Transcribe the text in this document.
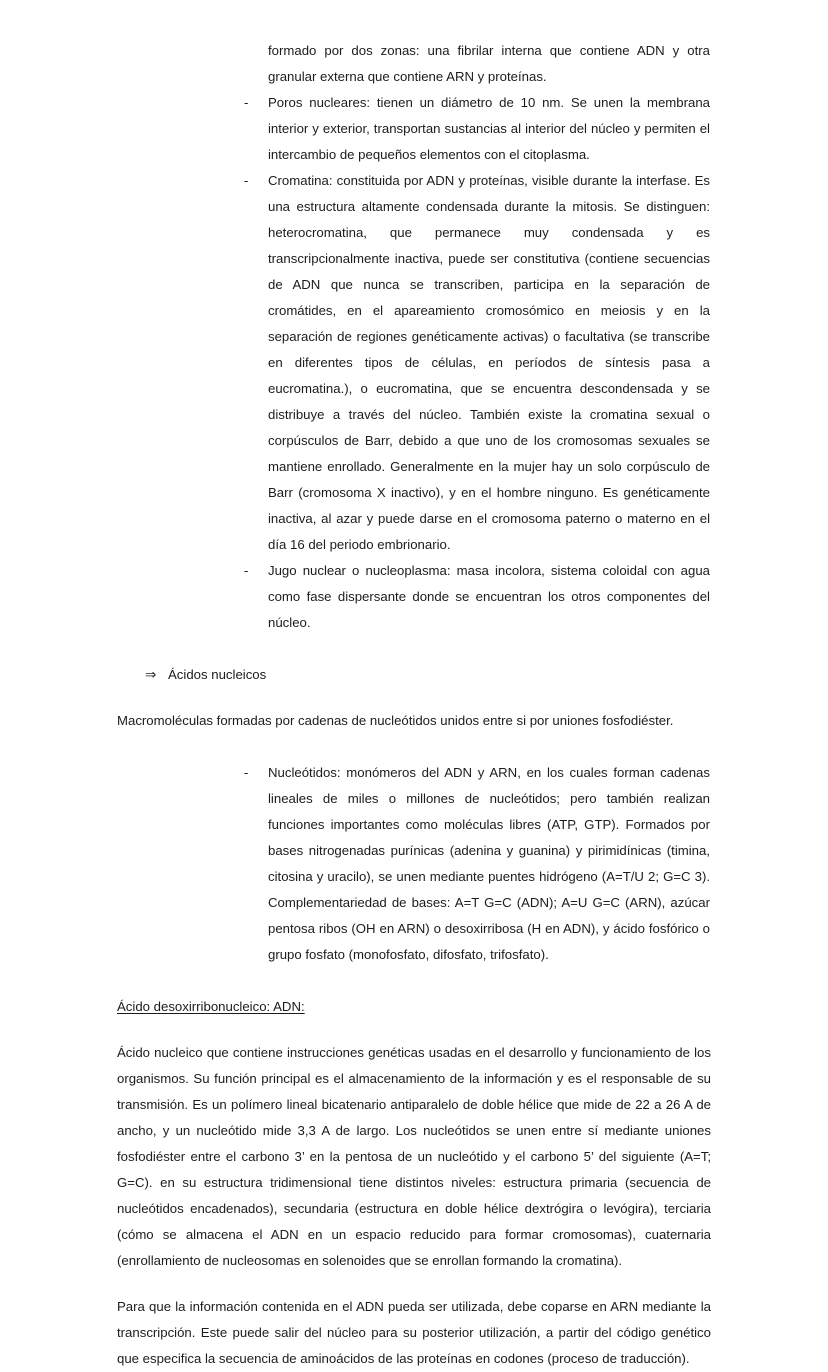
formado por dos zonas: una fibrilar interna que contiene ADN y otra granular externa que contiene ARN y proteínas.
-	Poros nucleares: tienen un diámetro de 10 nm. Se unen la membrana interior y exterior, transportan sustancias al interior del núcleo y permiten el intercambio de pequeños elementos con el citoplasma.
-	Cromatina: constituida por ADN y proteínas, visible durante la interfase. Es una estructura altamente condensada durante la mitosis. Se distinguen: heterocromatina, que permanece muy condensada y es transcripcionalmente inactiva, puede ser constitutiva (contiene secuencias de ADN que nunca se transcriben, participa en la separación de cromátides, en el apareamiento cromosómico en meiosis y en la separación de regiones genéticamente activas) o facultativa (se transcribe en diferentes tipos de células, en períodos de síntesis pasa a eucromatina.), o eucromatina, que se encuentra descondensada y se distribuye a través del núcleo. También existe la cromatina sexual o corpúsculos de Barr, debido a que uno de los cromosomas sexuales se mantiene enrollado. Generalmente en la mujer hay un solo corpúsculo de Barr (cromosoma X inactivo), y en el hombre ninguno. Es genéticamente inactiva, al azar y puede darse en el cromosoma paterno o materno en el día 16 del periodo embrionario.
-	Jugo nuclear o nucleoplasma: masa incolora, sistema coloidal con agua como fase dispersante donde se encuentran los otros componentes del núcleo.
⇒ Ácidos nucleicos
Macromoléculas formadas por cadenas de nucleótidos unidos entre si por uniones fosfodiéster.
-	Nucleótidos: monómeros del ADN y ARN, en los cuales forman cadenas lineales de miles o millones de nucleótidos; pero también realizan funciones importantes como moléculas libres (ATP, GTP). Formados por bases nitrogenadas purínicas (adenina y guanina) y pirimidínicas (timina, citosina y uracilo), se unen mediante puentes hidrógeno (A=T/U 2; G=C 3). Complementariedad de bases: A=T G=C (ADN); A=U G=C (ARN), azúcar pentosa ribos (OH en ARN) o desoxirribosa (H en ADN), y ácido fosfórico o grupo fosfato (monofosfato, difosfato, trifosfato).
Ácido desoxirribonucleico: ADN:
Ácido nucleico que contiene instrucciones genéticas usadas en el desarrollo y funcionamiento de los organismos. Su función principal es el almacenamiento de la información y es el responsable de su transmisión. Es un polímero lineal bicatenario antiparalelo de doble hélice que mide de 22 a 26 A de ancho, y un nucleótido mide 3,3 A de largo. Los nucleótidos se unen entre sí mediante uniones fosfodiéster entre el carbono 3’ en la pentosa de un nucleótido y el carbono 5’ del siguiente (A=T; G=C). en su estructura tridimensional tiene distintos niveles: estructura primaria (secuencia de nucleótidos encadenados), secundaria (estructura en doble hélice dextrógira o levógira), terciaria (cómo se almacena el ADN en un espacio reducido para formar cromosomas), cuaternaria (enrollamiento de nucleosomas en solenoides que se enrollan formando la cromatina).
Para que la información contenida en el ADN pueda ser utilizada, debe coparse en ARN mediante la transcripción. Este puede salir del núcleo para su posterior utilización, a partir del código genético que especifica la secuencia de aminoácidos de las proteínas en codones (proceso de traducción).
